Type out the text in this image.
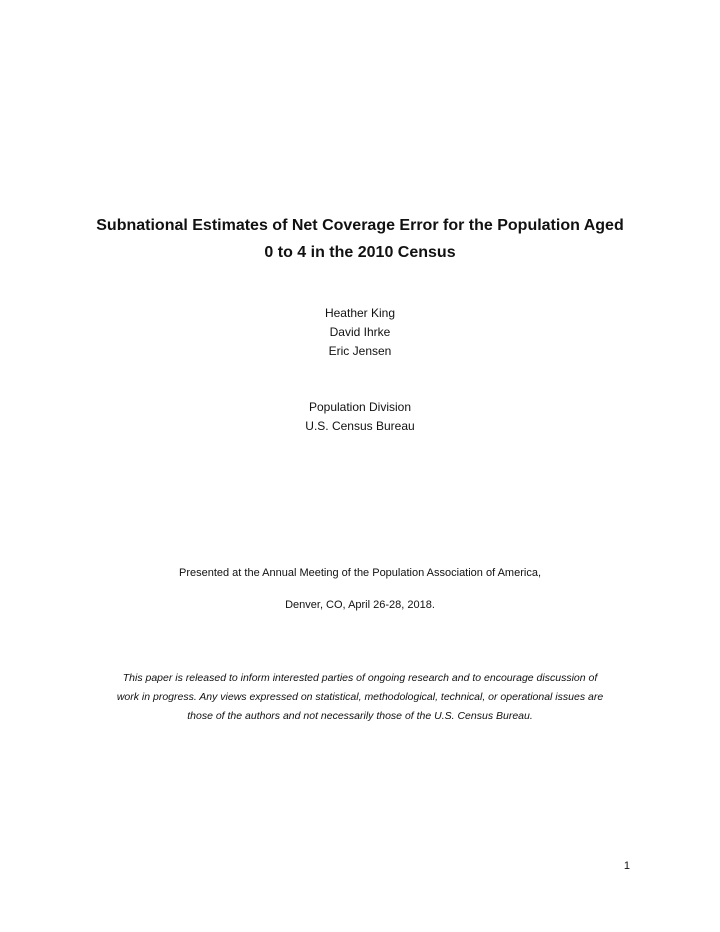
Subnational Estimates of Net Coverage Error for the Population Aged
0 to 4 in the 2010 Census
Heather King
David Ihrke
Eric Jensen
Population Division
U.S. Census Bureau
Presented at the Annual Meeting of the Population Association of America,
Denver, CO, April 26-28, 2018.
This paper is released to inform interested parties of ongoing research and to encourage discussion of
work in progress. Any views expressed on statistical, methodological, technical, or operational issues are
those of the authors and not necessarily those of the U.S. Census Bureau.
1
